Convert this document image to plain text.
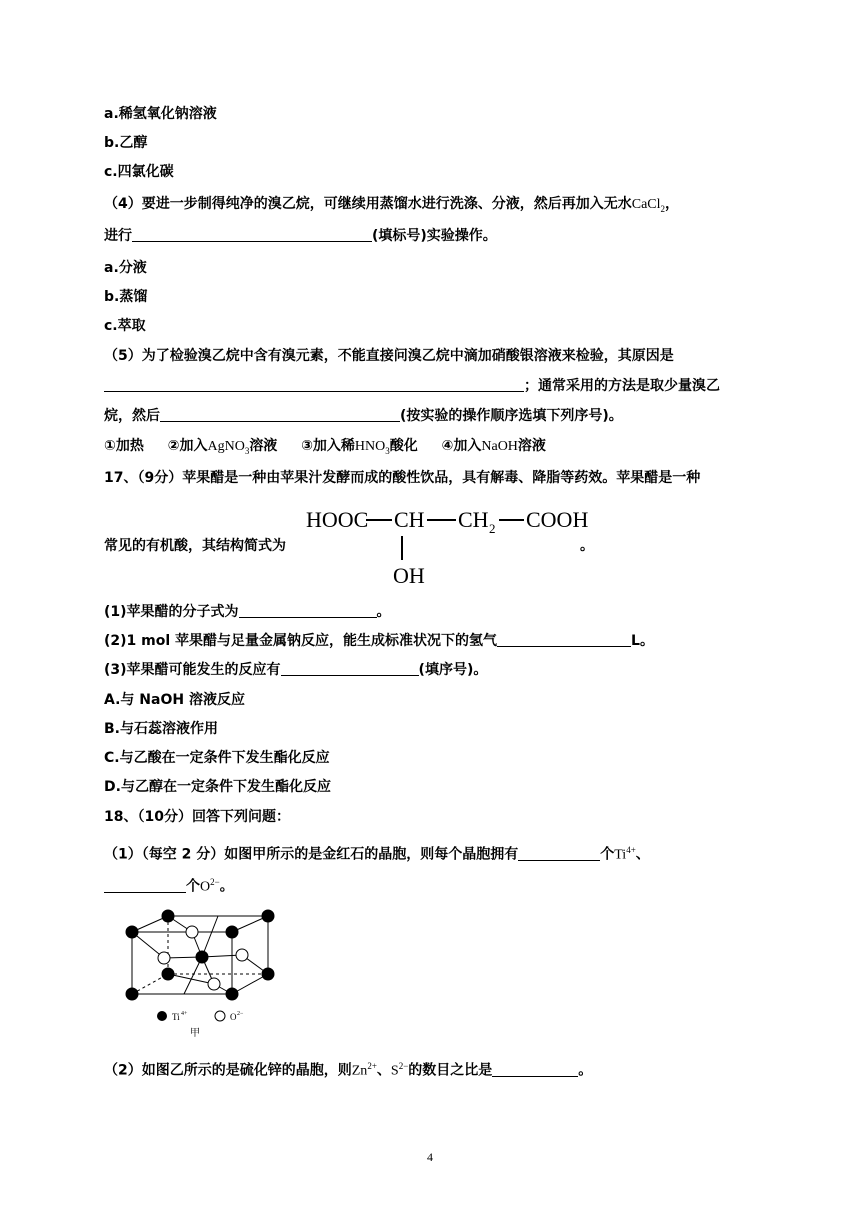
a.稀氢氧化钠溶液
b.乙醇
c.四氯化碳
（4）要进一步制得纯净的溴乙烷，可继续用蒸馏水进行洗涤、分液，然后再加入无水CaCl$_2$，
进行	(填标号)实验操作。
a.分液
b.蒸馏
c.萃取
（5）为了检验溴乙烷中含有溴元素，不能直接问溴乙烷中滴加硝酸银溶液来检验，其原因是
；通常采用的方法是取少量溴乙
烷，然后	(按实验的操作顺序选填下列序号)。
①加热 ②加入AgNO$_3$溶液 ③加入稀$HNO_3$酸化 ④加入NaOH溶液
17、（9分）苹果醋是一种由苹果汁发酵而成的酸性饮品，具有解毒、降脂等药效。苹果醋是一种
HOOC CH CH 2 COOH
OH
常见的有机酸，其结构简式为	。
(1)苹果醋的分子式为	。
(2)1 mol 苹果醋与足量金属钠反应，能生成标准状况下的氢气	L。
(3)苹果醋可能发生的反应有	(填序号)。
A.与 NaOH 溶液反应
B.与石蕊溶液作用
C.与乙酸在一定条件下发生酯化反应
D.与乙醇在一定条件下发生酯化反应
18、（10分）回答下列问题：
（1）（每空 2 分）如图甲所示的是金红石的晶胞，则每个晶胞拥有	个$Ti^{4+}$、
个$O^{2-}$。
Ti 4+	O 2−
甲
（2）如图乙所示的是硫化锌的晶胞，则$Zn^{2+}$、$S^{2-}$的数目之比是	。
4
